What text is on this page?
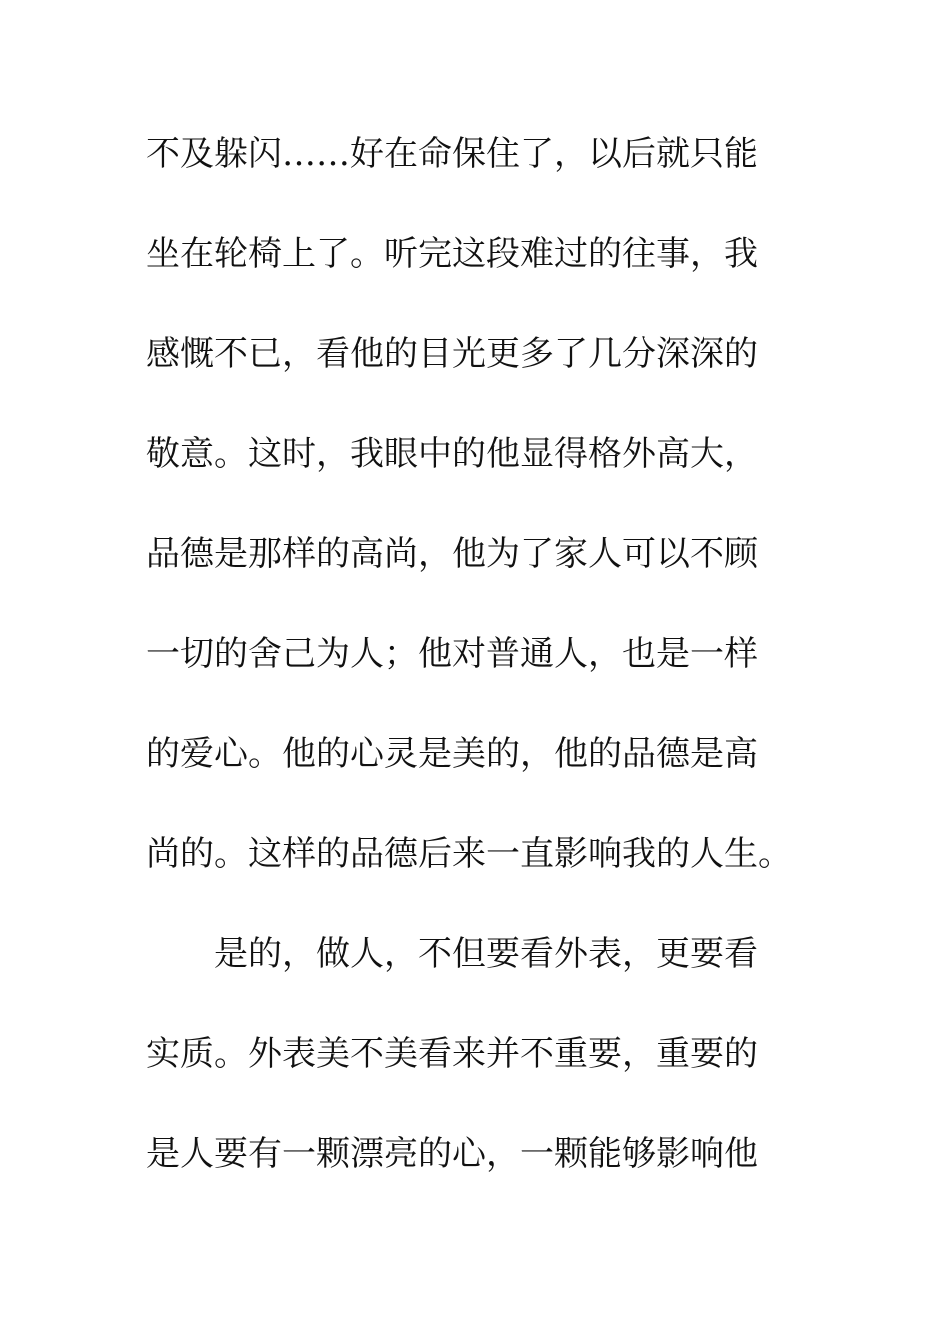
不及躲闪……好在命保住了，以后就只能
坐在轮椅上了。听完这段难过的往事，我
感慨不已，看他的目光更多了几分深深的
敬意。这时，我眼中的他显得格外高大，
品德是那样的高尚，他为了家人可以不顾
一切的舍己为人；他对普通人，也是一样
的爱心。他的心灵是美的，他的品德是高
尚的。这样的品德后来一直影响我的人生。
是的，做人，不但要看外表，更要看
实质。外表美不美看来并不重要，重要的
是人要有一颗漂亮的心，一颗能够影响他
